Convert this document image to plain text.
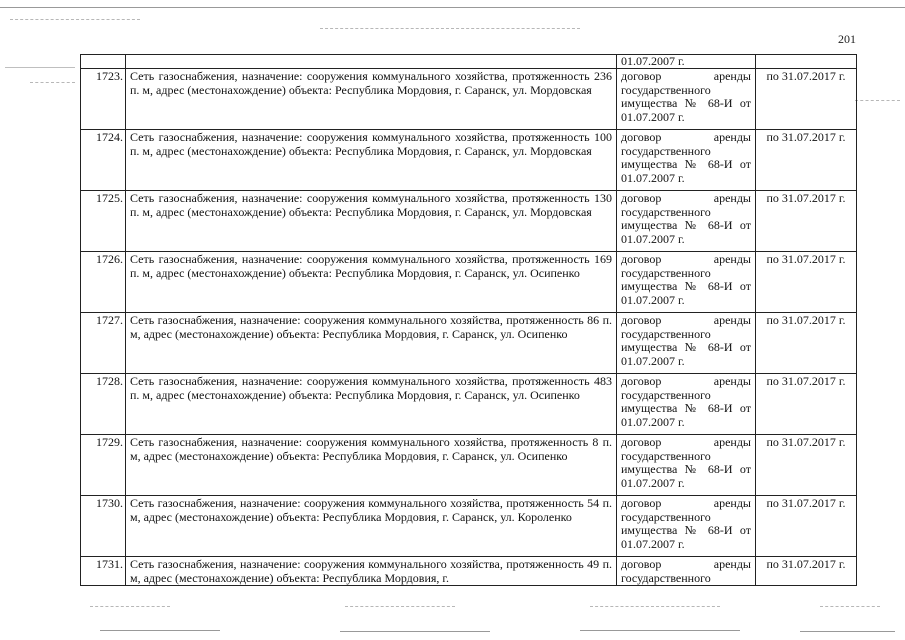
201

		01.07.2007 г.	

1723.	Сеть газоснабжения, назначение: сооружения коммунального хозяйства, протяженность 236 п. м, адрес (местонахождение) объекта: Республика Мордовия, г. Саранск, ул. Мордовская	договор аренды государственного имущества № 68-И от 01.07.2007 г.	по 31.07.2017 г.
1724.	Сеть газоснабжения, назначение: сооружения коммунального хозяйства, протяженность 100 п. м, адрес (местонахождение) объекта: Республика Мордовия, г. Саранск, ул. Мордовская	договор аренды государственного имущества № 68-И от 01.07.2007 г.	по 31.07.2017 г.
1725.	Сеть газоснабжения, назначение: сооружения коммунального хозяйства, протяженность 130 п. м, адрес (местонахождение) объекта: Республика Мордовия, г. Саранск, ул. Мордовская	договор аренды государственного имущества № 68-И от 01.07.2007 г.	по 31.07.2017 г.
1726.	Сеть газоснабжения, назначение: сооружения коммунального хозяйства, протяженность 169 п. м, адрес (местонахождение) объекта: Республика Мордовия, г. Саранск, ул. Осипенко	договор аренды государственного имущества № 68-И от 01.07.2007 г.	по 31.07.2017 г.
1727.	Сеть газоснабжения, назначение: сооружения коммунального хозяйства, протяженность 86 п. м, адрес (местонахождение) объекта: Республика Мордовия, г. Саранск, ул. Осипенко	договор аренды государственного имущества № 68-И от 01.07.2007 г.	по 31.07.2017 г.
1728.	Сеть газоснабжения, назначение: сооружения коммунального хозяйства, протяженность 483 п. м, адрес (местонахождение) объекта: Республика Мордовия, г. Саранск, ул. Осипенко	договор аренды государственного имущества № 68-И от 01.07.2007 г.	по 31.07.2017 г.
1729.	Сеть газоснабжения, назначение: сооружения коммунального хозяйства, протяженность 8 п. м, адрес (местонахождение) объекта: Республика Мордовия, г. Саранск, ул. Осипенко	договор аренды государственного имущества № 68-И от 01.07.2007 г.	по 31.07.2017 г.
1730.	Сеть газоснабжения, назначение: сооружения коммунального хозяйства, протяженность 54 п. м, адрес (местонахождение) объекта: Республика Мордовия, г. Саранск, ул. Короленко	договор аренды государственного имущества № 68-И от 01.07.2007 г.	по 31.07.2017 г.
1731.	Сеть газоснабжения, назначение: сооружения коммунального хозяйства, протяженность 49 п. м, адрес (местонахождение) объекта: Республика Мордовия, г.	договор аренды государственного	по 31.07.2017 г.
